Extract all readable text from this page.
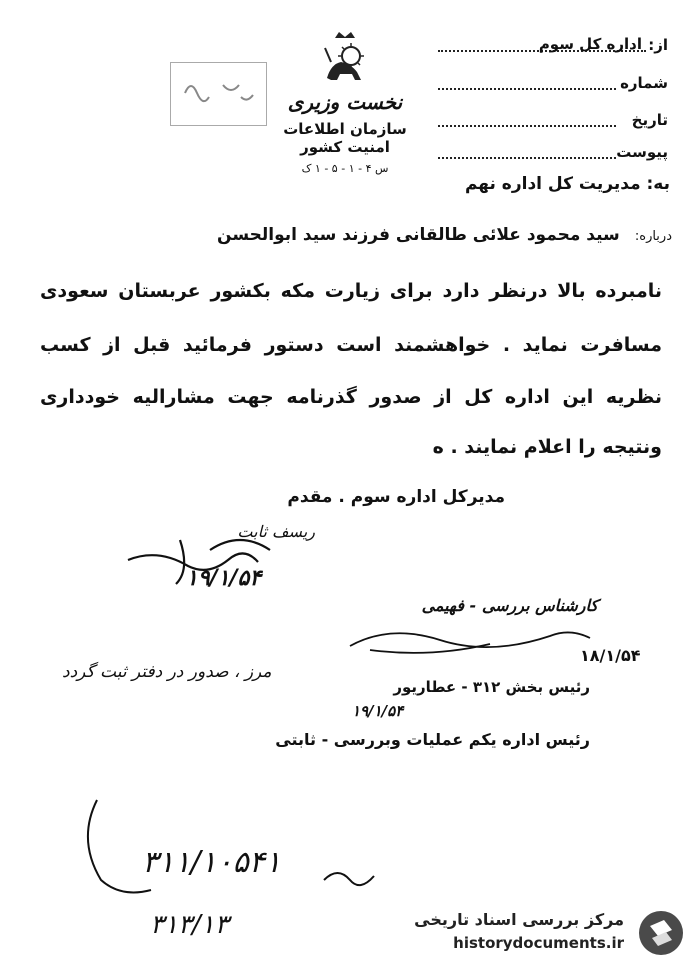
از:
اداره کل سوم
شماره
تاریخ
پیوست
نخست وزیری
سازمان اطلاعات امنیت کشور
س ۴ - ۱ - ۵ - ۱ ک
به: مدیریت کل اداره نهم
درباره: سید محمود علائی طالقانی فرزند سید ابوالحسن
نامبرده بالا درنظر دارد برای زیارت مکه بکشور عربستان سعودی
مسافرت نماید . خواهشمند است دستور فرمائید قبل از کسب
نظریه این اداره کل از صدور گذرنامه جهت مشارالیه خودداری
ونتیجه را اعلام نمایند . ه
مدیرکل اداره سوم . مقدم
ریسف ثابت
۱۹/۱/۵۴
کارشناس بررسی - فهیمی
۱۸/۱/۵۴
مرز ، صدور در دفتر ثبت گردد
رئیس بخش ۳۱۲ - عطاریور
۱۹/۱/۵۴
رئیس اداره یکم عملیات وبررسی - ثابتی
۳۱۱/۱۰۵۴۱
۳۱۳/۱۳	مرکز بررسی اسناد تاریخی
historydocuments.ir
